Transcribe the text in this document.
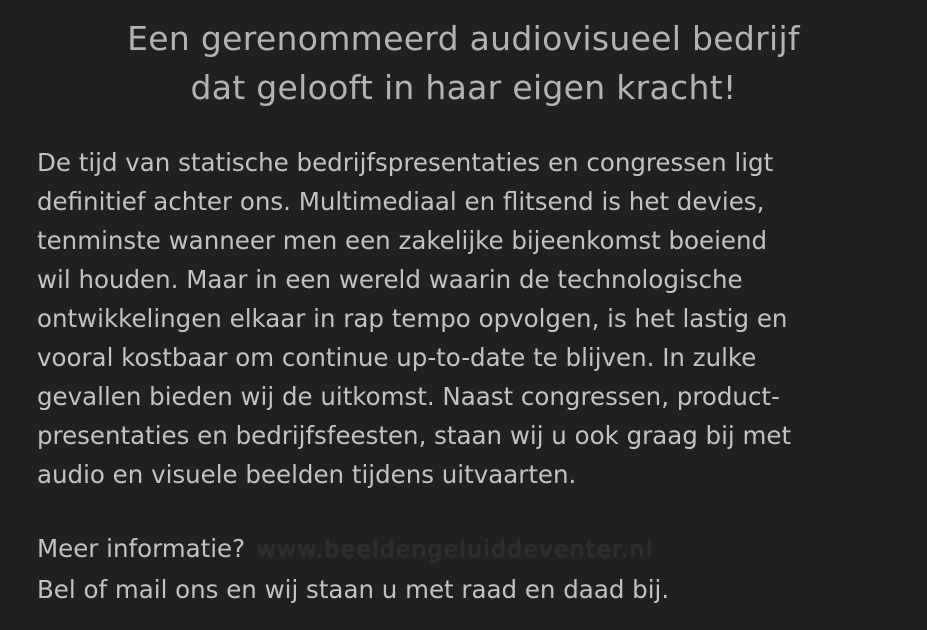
Een gerenommeerd audiovisueel bedrijf
dat gelooft in haar eigen kracht!
De tijd van statische bedrijfspresentaties en congressen ligt
definitief achter ons. Multimediaal en flitsend is het devies,
tenminste wanneer men een zakelijke bijeenkomst boeiend
wil houden. Maar in een wereld waarin de technologische
ontwikkelingen elkaar in rap tempo opvolgen, is het lastig en
vooral kostbaar om continue up-to-date te blijven. In zulke
gevallen bieden wij de uitkomst. Naast congressen, product-
presentaties en bedrijfsfeesten, staan wij u ook graag bij met
audio en visuele beelden tijdens uitvaarten.
Meer informatie? www.beeldengeluiddeventer.nl
Bel of mail ons en wij staan u met raad en daad bij.
